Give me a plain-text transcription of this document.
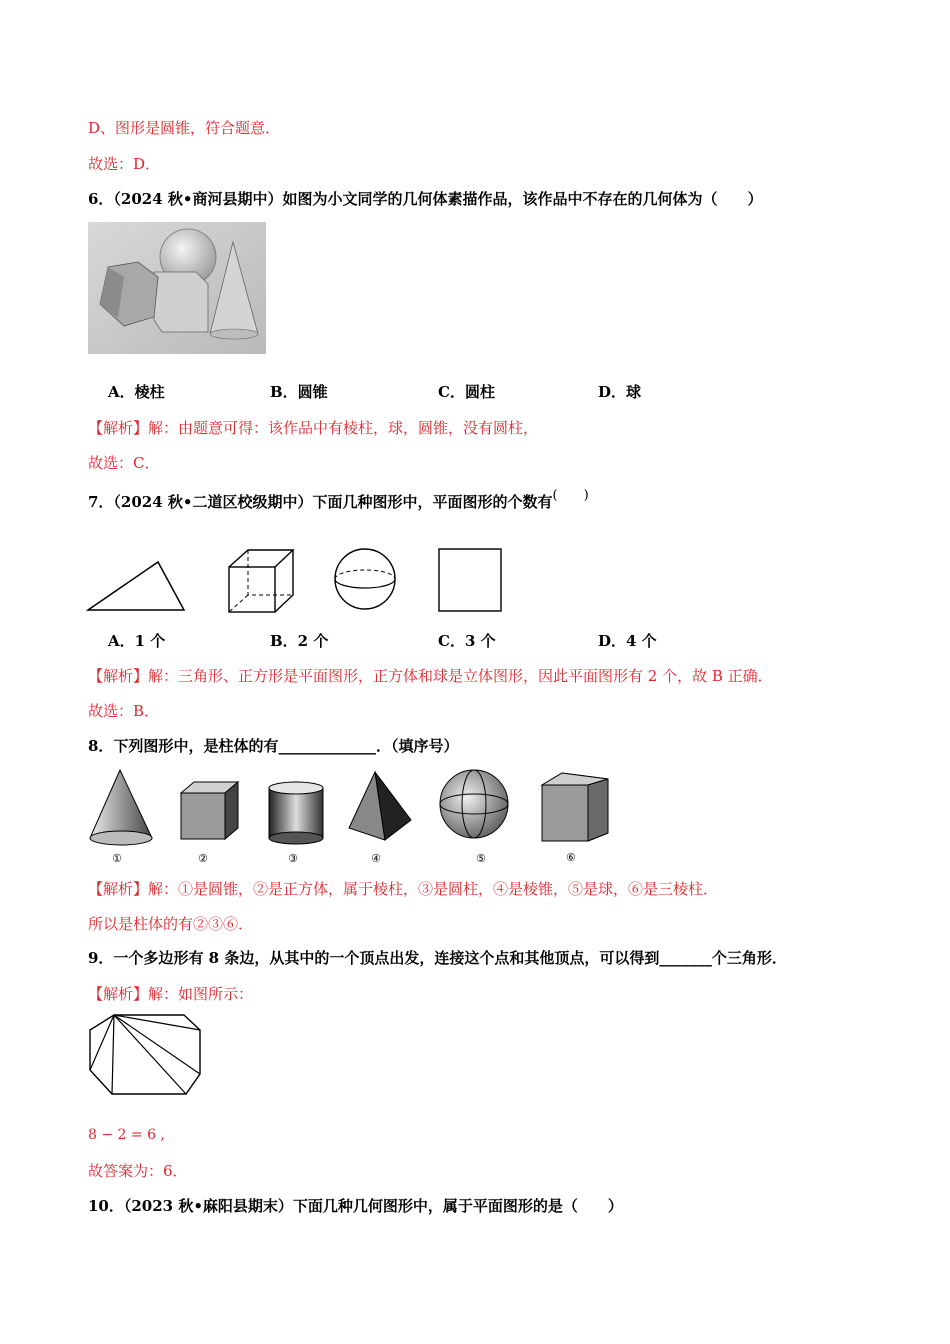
D、图形是圆锥，符合题意．
故选：D．
6．（2024 秋•商河县期中）如图为小文同学的几何体素描作品，该作品中不存在的几何体为（　　）
A．棱柱	B．圆锥	C．圆柱	D．球
【解析】解：由题意可得：该作品中有棱柱，球，圆锥，没有圆柱，
故选：C．
7．（2024 秋•二道区校级期中）下面几种图形中，平面图形的个数有(　　)
A．1 个	B．2 个	C．3 个	D．4 个
【解析】解：三角形、正方形是平面图形，正方体和球是立体图形，因此平面图形有 2 个，故 B 正确．
故选：B．
8．下列图形中，是柱体的有_____________．（填序号）
①	②	③	④	⑤	⑥
【解析】解：①是圆锥，②是正方体，属于棱柱，③是圆柱，④是棱锥，⑤是球，⑥是三棱柱．
所以是柱体的有②③⑥．
9．一个多边形有 8 条边，从其中的一个顶点出发，连接这个点和其他顶点，可以得到_______个三角形．
【解析】解：如图所示：
8 − 2 = 6 ,
故答案为：6．
10．（2023 秋•麻阳县期末）下面几种几何图形中，属于平面图形的是（　　）
